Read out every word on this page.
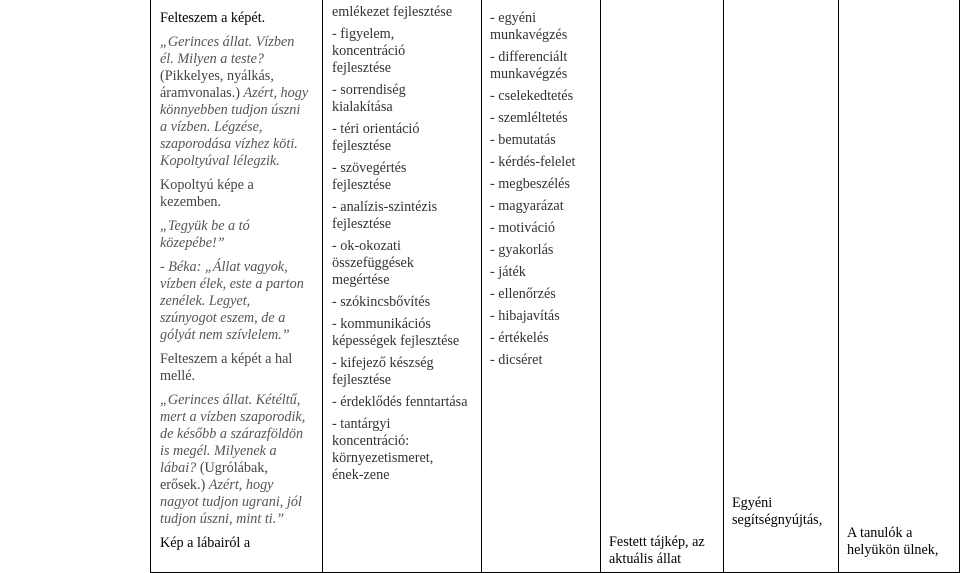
Felteszem a képét.

„Gerinces állat. Vízben

él. Milyen a teste?

(Pikkelyes, nyálkás,

áramvonalas.) Azért, hogy

könnyebben tudjon úszni

a vízben. Légzése,

szaporodása vízhez köti.

Kopoltyúval lélegzik.

Kopoltyú képe a

kezemben.

„Tegyük be a tó

közepébe!”

- Béka: „Állat vagyok,

vízben élek, este a parton

zenélek. Legyet,

szúnyogot eszem, de a

gólyát nem szívlelem.”

Felteszem a képét a hal

mellé.

„Gerinces állat. Kétéltű,

mert a vízben szaporodik,

de később a szárazföldön

is megél. Milyenek a

lábai? (Ugrólábak,

erősek.) Azért, hogy

nagyot tudjon ugrani, jól

tudjon úszni, mint ti.”

Kép a lábairól a

emlékezet fejlesztése

- figyelem,
koncentráció
fejlesztése

- sorrendiség
kialakítása

- téri orientáció
fejlesztése

- szövegértés
fejlesztése

- analízis-szintézis
fejlesztése

- ok-okozati
összefüggések
megértése

- szókincsbővítés

- kommunikációs
képességek fejlesztése

- kifejező készség
fejlesztése

- érdeklődés fenntartása

- tantárgyi
koncentráció:
környezetismeret,
ének-zene

- egyéni
munkavégzés

- differenciált
munkavégzés

- cselekedtetés

- szemléltetés

- bemutatás

- kérdés-felelet

- megbeszélés

- magyarázat

- motiváció

- gyakorlás

- játék

- ellenőrzés

- hibajavítás

- értékelés

- dicséret

Festett tájkép, az

aktuális állat

Egyéni

segítségnyújtás,

A tanulók a

helyükön ülnek,
